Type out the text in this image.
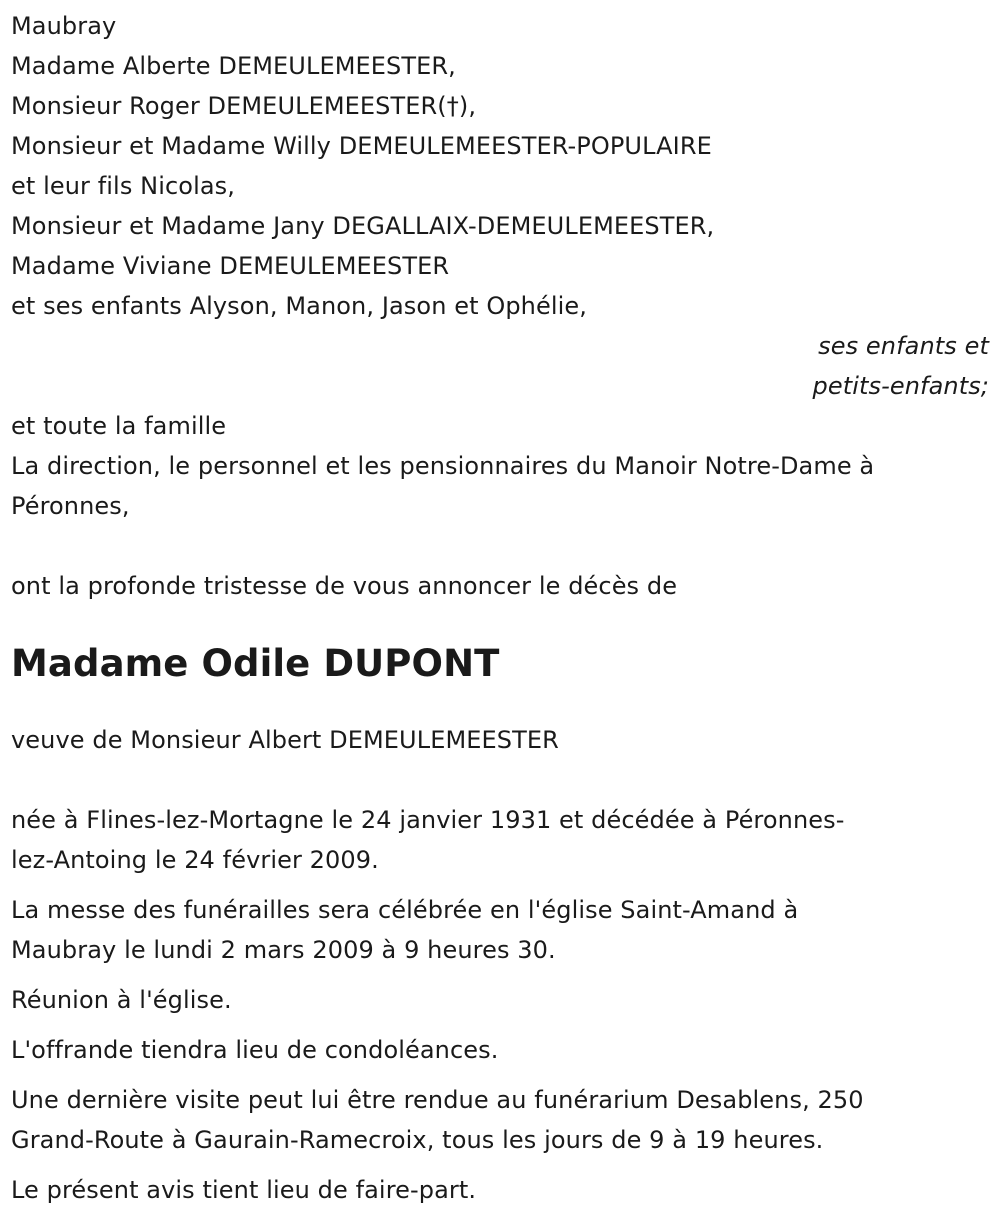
Maubray
Madame Alberte DEMEULEMEESTER,
Monsieur Roger DEMEULEMEESTER(†),
Monsieur et Madame Willy DEMEULEMEESTER-POPULAIRE
et leur fils Nicolas,
Monsieur et Madame Jany DEGALLAIX-DEMEULEMEESTER,
Madame Viviane DEMEULEMEESTER
et ses enfants Alyson, Manon, Jason et Ophélie,
ses enfants et
petits-enfants;
et toute la famille
La direction, le personnel et les pensionnaires du Manoir Notre-Dame à
Péronnes,
ont la profonde tristesse de vous annoncer le décès de
Madame Odile DUPONT
veuve de Monsieur Albert DEMEULEMEESTER
née à Flines-lez-Mortagne le 24 janvier 1931 et décédée à Péronnes-
lez-Antoing le 24 février 2009.
La messe des funérailles sera célébrée en l'église Saint-Amand à
Maubray le lundi 2 mars 2009 à 9 heures 30.
Réunion à l'église.
L'offrande tiendra lieu de condoléances.
Une dernière visite peut lui être rendue au funérarium Desablens, 250
Grand-Route à Gaurain-Ramecroix, tous les jours de 9 à 19 heures.
Le présent avis tient lieu de faire-part.
